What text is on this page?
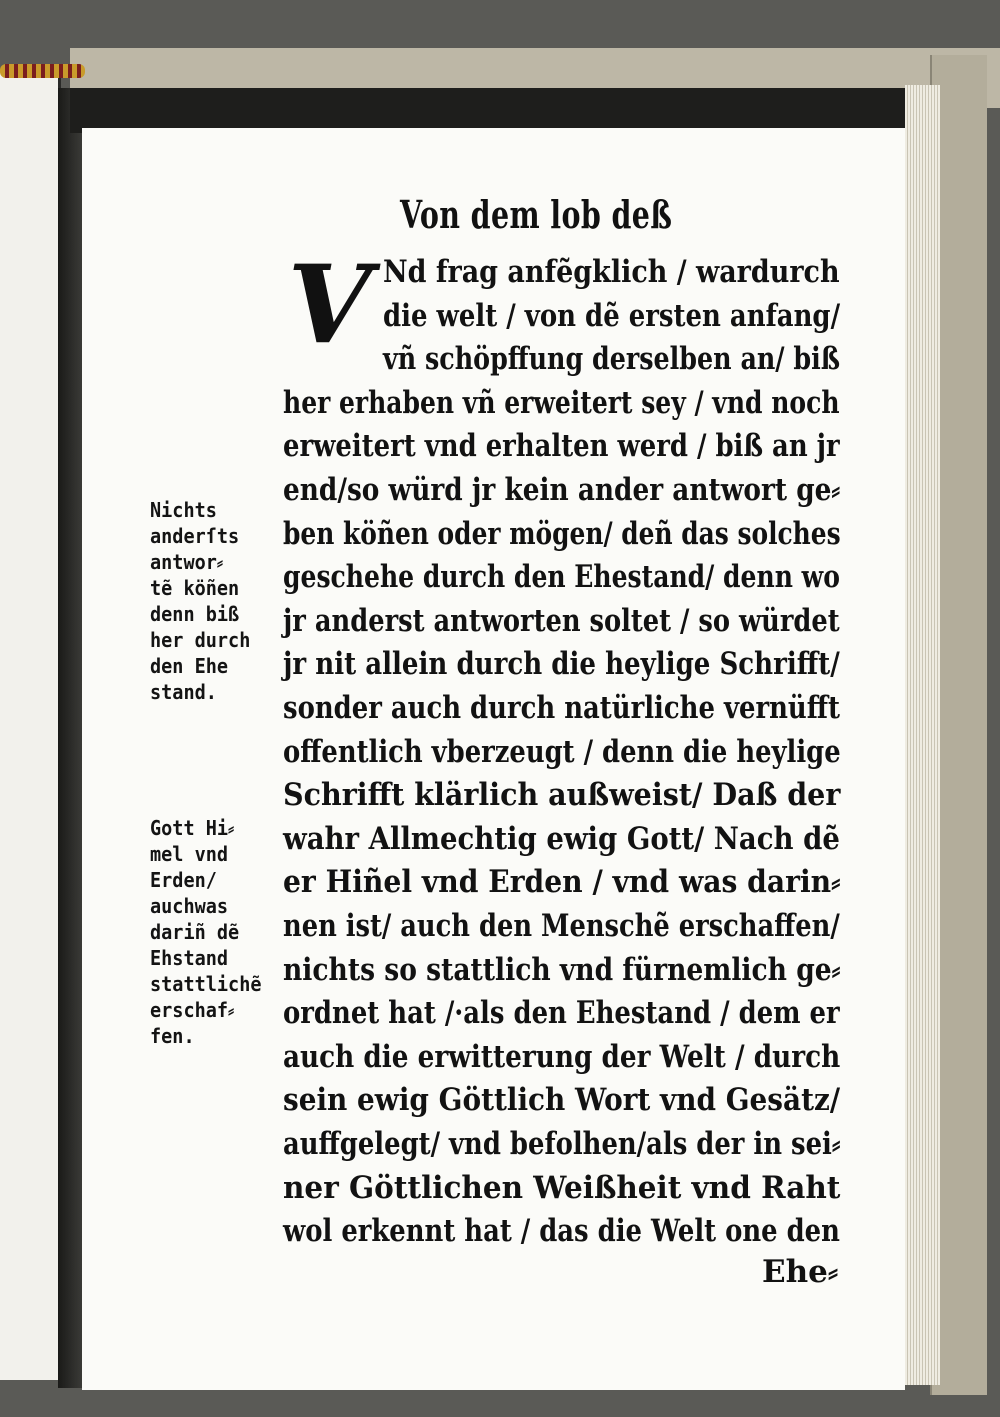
Von dem lob deß
V Nd frag anfẽgklich / wardurch
die welt / von dẽ ersten anfang/
vñ schöpffung derselben an/ biß
her erhaben vñ erweitert sey / vnd noch
erweitert vnd erhalten werd / biß an jr
end/so würd jr kein ander antwort ge⸗
ben köñen oder mögen/ deñ das solches
geschehe durch den Ehestand/ denn wo
jr anderst antworten soltet / so würdet
jr nit allein durch die heylige Schrifft/
sonder auch durch natürliche vernüfft
offentlich vberzeugt / denn die heylige
Schrifft klärlich außweist/ Daß der
wahr Allmechtig ewig Gott/ Nach dẽ
er Hiñel vnd Erden / vnd was darin⸗
nen ist/ auch den Menschẽ erschaffen/
nichts so stattlich vnd fürnemlich ge⸗
ordnet hat /·als den Ehestand / dem er
auch die erwitterung der Welt / durch
sein ewig Göttlich Wort vnd Gesätz/
auffgelegt/ vnd befolhen/als der in sei⸗
ner Göttlichen Weißheit vnd Raht
wol erkennt hat / das die Welt one den
Nichts
anderſts
antwor⸗
tẽ köñen
denn biß
her durch
den Ehe
stand.
Gott Hi⸗
mel vnd
Erden/
auchwas
dariñ dẽ
Ehstand
stattlichẽ
erschaf⸗
fen.
Ehe⸗
